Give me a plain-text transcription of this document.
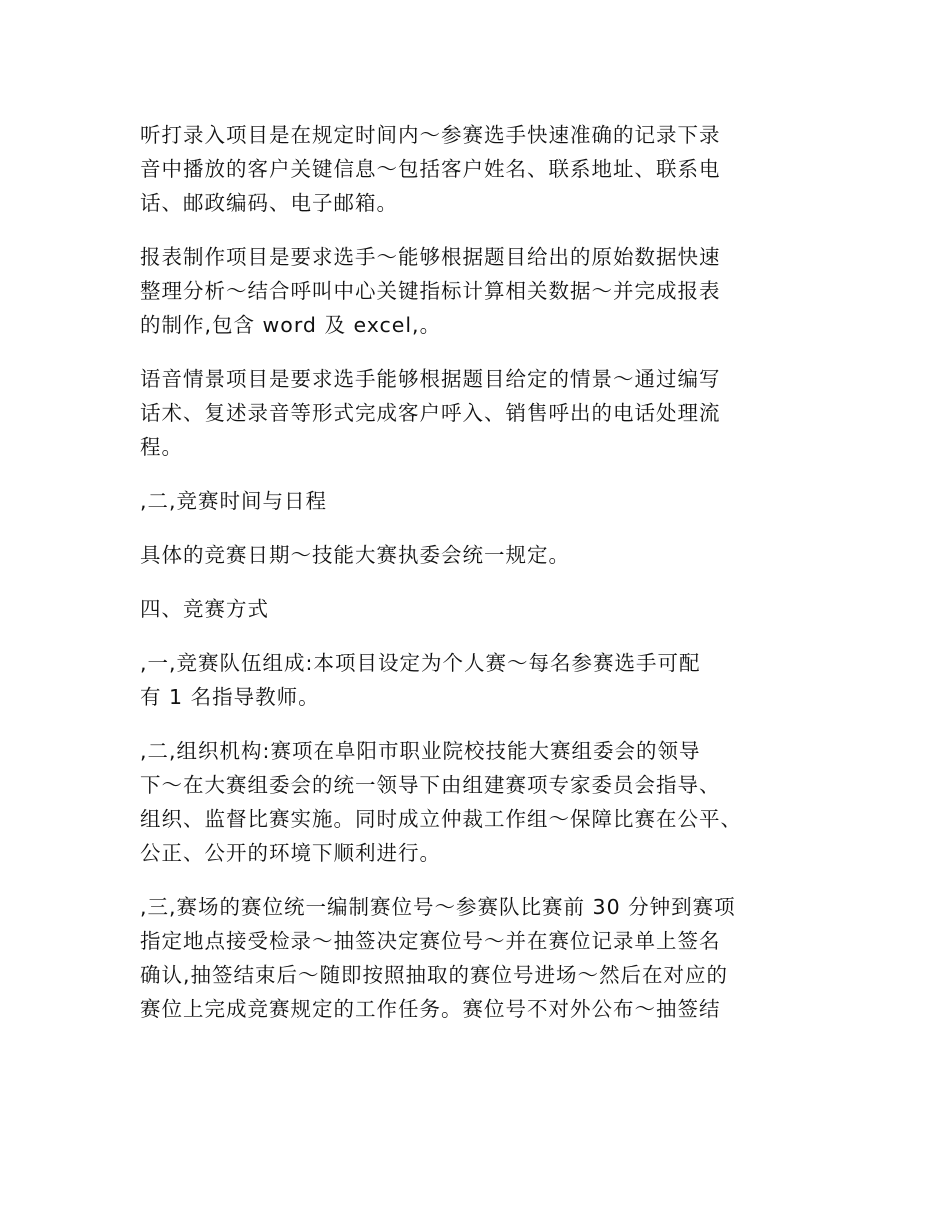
听打录入项目是在规定时间内～参赛选手快速准确的记录下录
音中播放的客户关键信息～包括客户姓名、联系地址、联系电
话、邮政编码、电子邮箱。

报表制作项目是要求选手～能够根据题目给出的原始数据快速
整理分析～结合呼叫中心关键指标计算相关数据～并完成报表
的制作,包含 word 及 excel,。

语音情景项目是要求选手能够根据题目给定的情景～通过编写
话术、复述录音等形式完成客户呼入、销售呼出的电话处理流
程。

,二,竞赛时间与日程

具体的竞赛日期～技能大赛执委会统一规定。

四、竞赛方式

,一,竞赛队伍组成:本项目设定为个人赛～每名参赛选手可配
有 1 名指导教师。

,二,组织机构:赛项在阜阳市职业院校技能大赛组委会的领导
下～在大赛组委会的统一领导下由组建赛项专家委员会指导、
组织、监督比赛实施。同时成立仲裁工作组～保障比赛在公平、
公正、公开的环境下顺利进行。

,三,赛场的赛位统一编制赛位号～参赛队比赛前 30 分钟到赛项
指定地点接受检录～抽签决定赛位号～并在赛位记录单上签名
确认,抽签结束后～随即按照抽取的赛位号进场～然后在对应的
赛位上完成竞赛规定的工作任务。赛位号不对外公布～抽签结
